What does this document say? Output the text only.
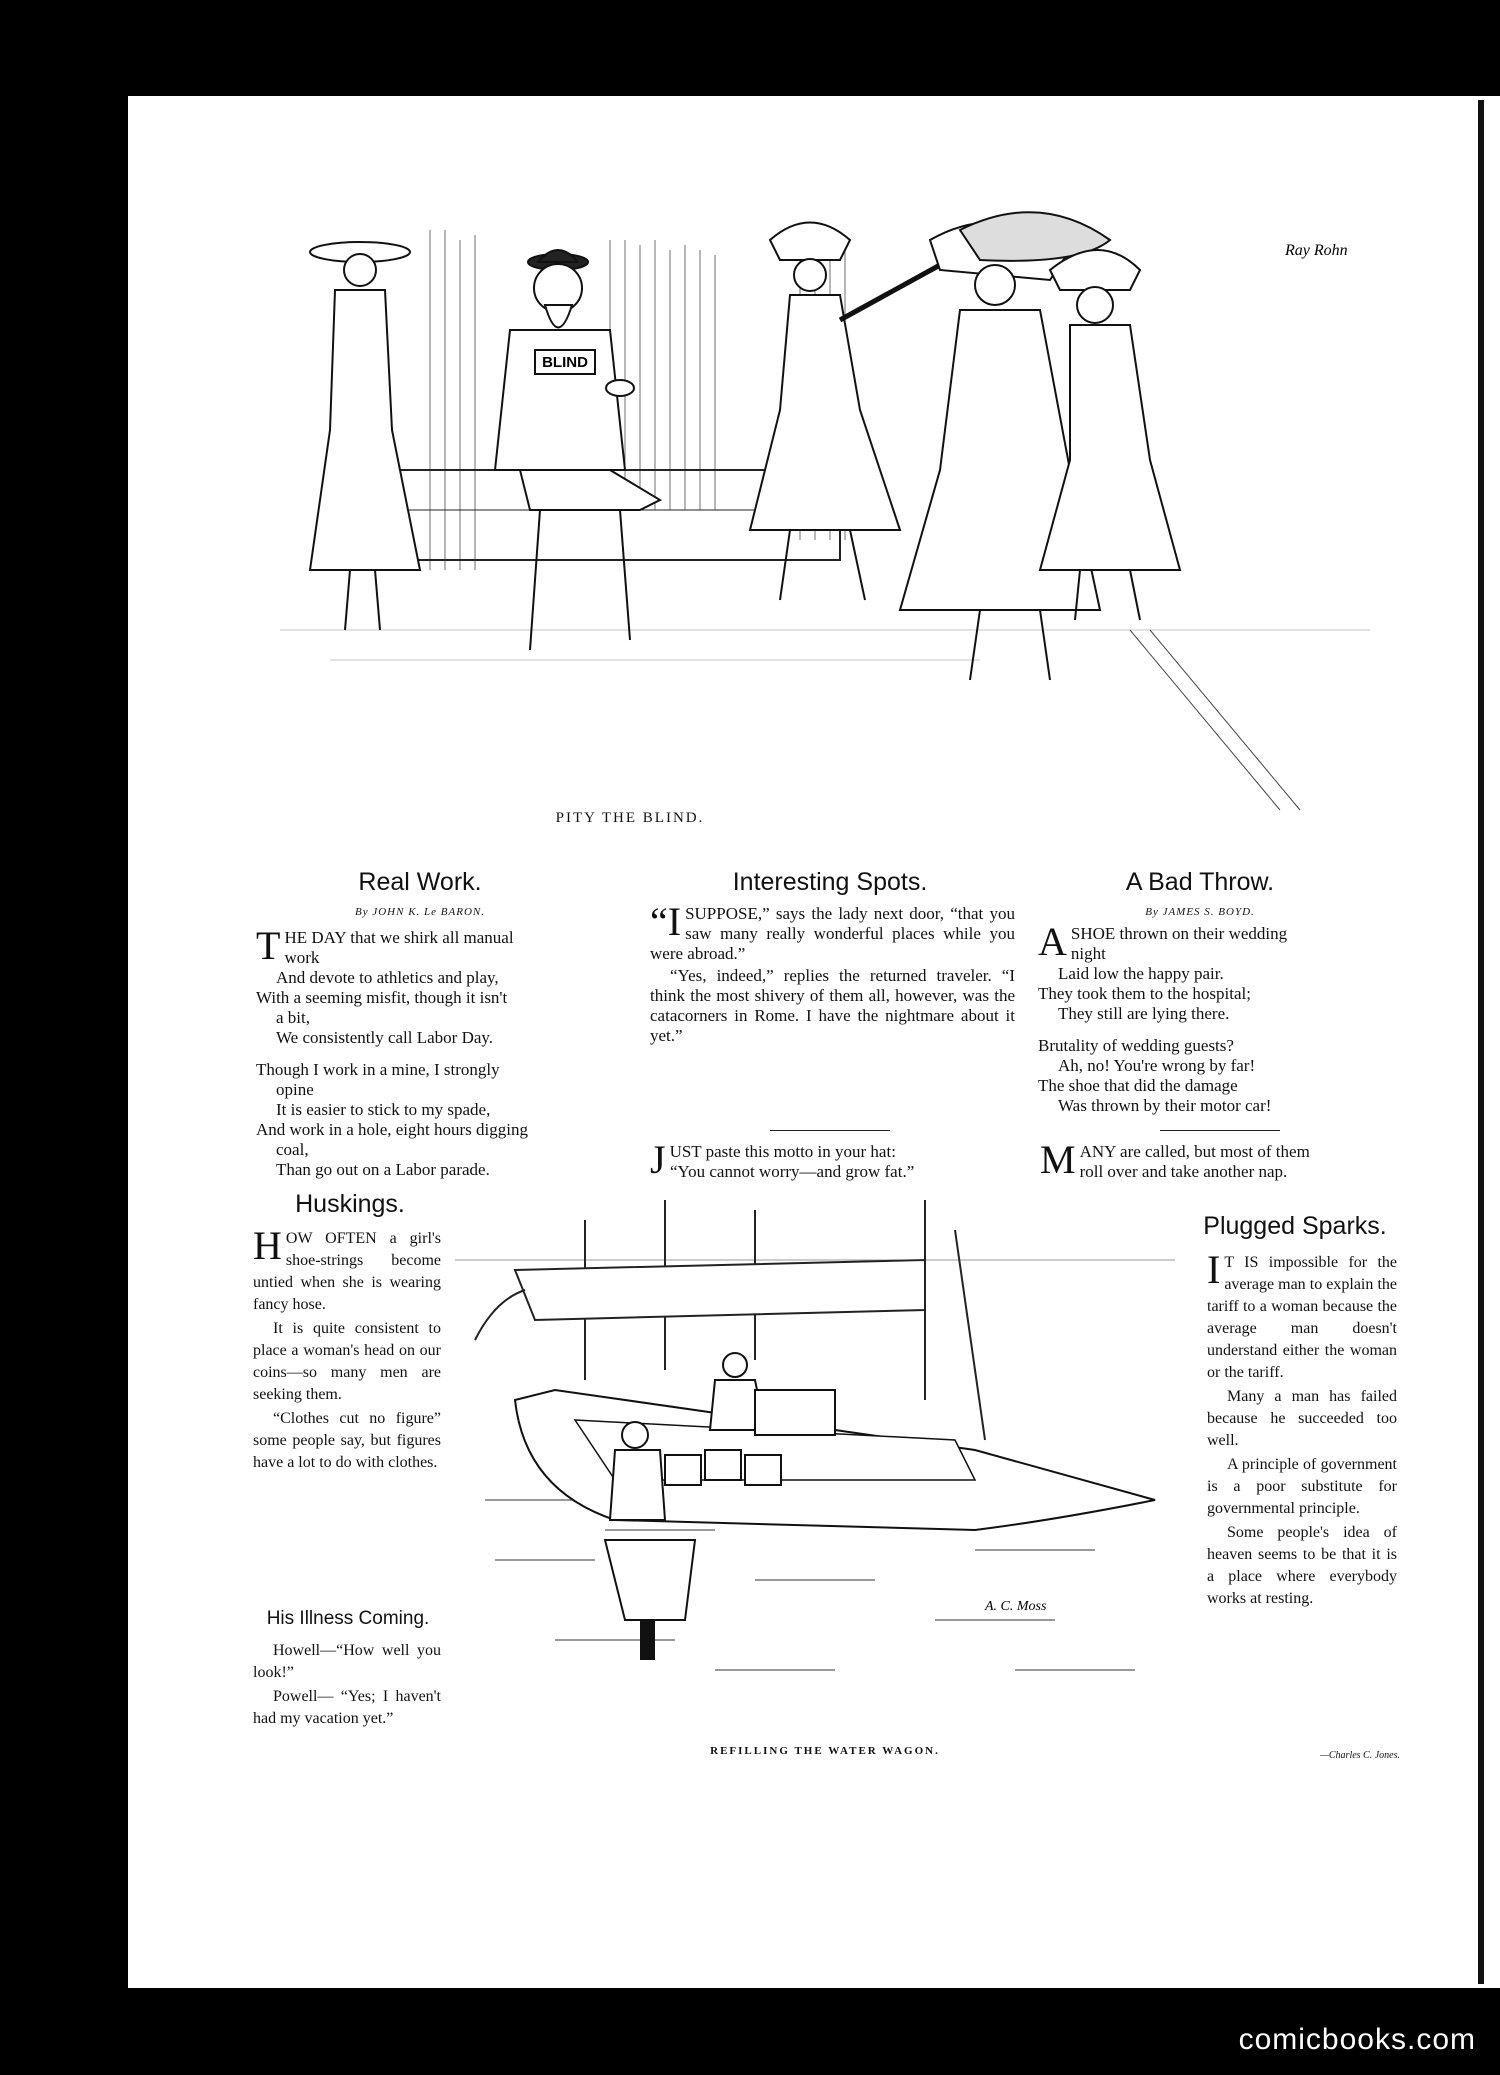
BLIND
Ray Rohn
PITY THE BLIND.
Real Work.
By JOHN K. Le BARON.

THE DAY that we shirk all manual

work

And devote to athletics and play,

With a seeming misfit, though it isn't

a bit,

We consistently call Labor Day.

Though I work in a mine, I strongly

opine

It is easier to stick to my spade,

And work in a hole, eight hours digging

coal,

Than go out on a Labor parade.

Interesting Spots.

“I SUPPOSE,” says the lady next door, “that you saw many really wonderful places while you were abroad.”

“Yes, indeed,” replies the returned traveler. “I think the most shivery of them all, however, was the catacorners in Rome. I have the nightmare about it yet.”

JUST paste this motto in your hat:

“You cannot worry—and grow fat.”

A Bad Throw.
By JAMES S. BOYD.

ASHOE thrown on their wedding

night

Laid low the happy pair.

They took them to the hospital;

They still are lying there.

Brutality of wedding guests?

Ah, no! You're wrong by far!

The shoe that did the damage

Was thrown by their motor car!

MANY are called, but most of them

roll over and take another nap.

Huskings.

HOW OFTEN a girl's shoe-strings become untied when she is wearing fancy hose.

It is quite consistent to place a woman's head on our coins—so many men are seeking them.

“Clothes cut no figure” some people say, but figures have a lot to do with clothes.

His Illness Coming.

Howell—“How well you look!”

Powell— “Yes; I haven't had my vacation yet.”

A. C. Moss
REFILLING THE WATER WAGON.
Plugged Sparks.

I T IS impossible for the average man to explain the tariff to a woman because the average man doesn't understand either the woman or the tariff.

Many a man has failed because he succeeded too well.

A principle of government is a poor substitute for governmental principle.

Some people's idea of heaven seems to be that it is a place where everybody works at resting.

—Charles C. Jones.
comicbooks.com
